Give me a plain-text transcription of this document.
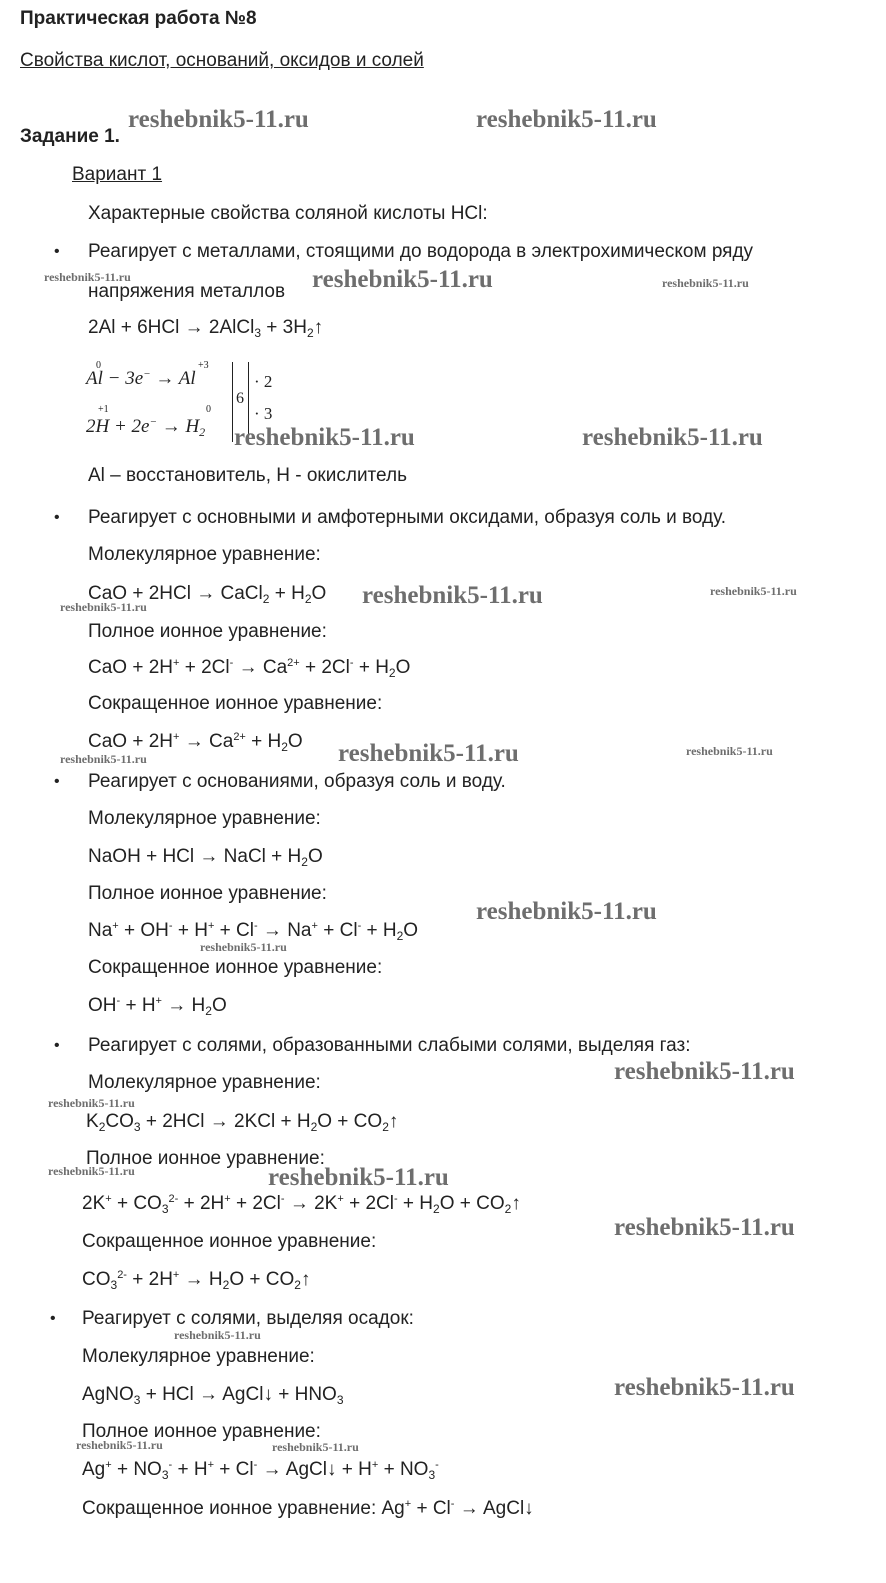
Практическая работа №8
Свойства кислот, оснований, оксидов и солей
Задание 1.
Вариант 1
Характерные свойства соляной кислоты HCl:
• Реагирует с металлами, стоящими до водорода в электрохимическом ряду
напряжения металлов
2Al + 6HCl → 2AlCl$_3$ + $3H_2↑$
0	+3
Al − 3e− → Al
+1	0
$2H + 2e^- \to H_2$
6
· 2
· 3
Al – восстановитель, H - окислитель
• Реагирует с основными и амфотерными оксидами, образуя соль и воду.
Молекулярное уравнение:
CaO + 2HCl → CaCl$_2$ + $H_2O$
Полное ионное уравнение:
CaO + $2H^+ + 2Cl^- \to Ca^{2+} + 2Cl^- + H_2O$
Сокращенное ионное уравнение:
CaO + $2H^+ \to Ca^{2+} + H_2O$
• Реагирует с основаниями, образуя соль и воду.
Молекулярное уравнение:
NaOH + HCl → NaCl + $H_2O$
Полное ионное уравнение:
$Na^+ + OH^- + H^+ + Cl^- \to Na^+ + Cl^- + H_2O$
Сокращенное ионное уравнение:
$OH^- + H^+ \to H_2O$
• Реагирует с солями, образованными слабыми солями, выделяя газ:
Молекулярное уравнение:
$K_2CO_3 + 2HCl \to 2KCl + H_2O$ + $CO_2↑$
Полное ионное уравнение:
$2K^+ + CO_3^{2-} + 2H^+ + 2Cl^- \to 2K^+ + 2Cl^- + H_2O$ + $CO_2↑$
Сокращенное ионное уравнение:
$CO_3^{2-} + 2H^+ \to H_2O$ + $CO_2↑$
• Реагирует с солями, выделяя осадок:
Молекулярное уравнение:
AgNO$_3$ + HCl → AgCl↓ + $HNO_3$
Полное ионное уравнение:
$Ag^+ + NO_3^- + H^+ + Cl^-$ → AgCl↓ + $H^+ + NO_3^-$
Сокращенное ионное уравнение: Ag+ + Cl- → AgCl↓
reshebnik5-11.ru	reshebnik5-11.ru
reshebnik5-11.ru	reshebnik5-11.ru	reshebnik5-11.ru
reshebnik5-11.ru	reshebnik5-11.ru
reshebnik5-11.ru	reshebnik5-11.ru
reshebnik5-11.ru
reshebnik5-11.ru
reshebnik5-11.ru
reshebnik5-11.ru
reshebnik5-11.ru
reshebnik5-11.ru
reshebnik5-11.ru
reshebnik5-11.ru
reshebnik5-11.ru	reshebnik5-11.ru
reshebnik5-11.ru
reshebnik5-11.ru
reshebnik5-11.ru
reshebnik5-11.ru	reshebnik5-11.ru
